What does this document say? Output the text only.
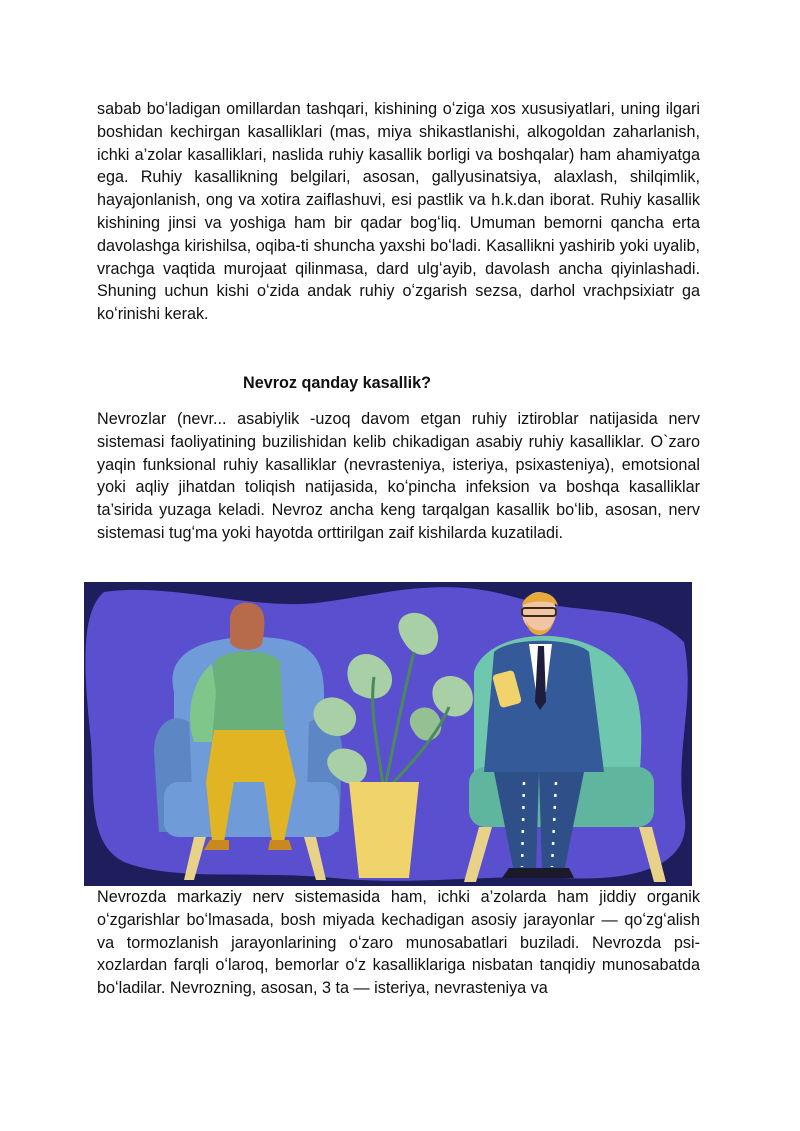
sabab boʻladigan omillardan tashqari, kishining oʻziga xos xususiyatlari, uning ilgari boshidan kechirgan kasalliklari (mas, miya shikastlanishi, alkogoldan zaharlanish, ichki a’zolar kasalliklari, naslida ruhiy kasallik borligi va boshqalar) ham ahamiyatga ega. Ruhiy kasallikning belgilari, asosan, gallyusinatsiya, alaxlash, shilqimlik, hayajonlanish, ong va xotira zaiflashuvi, esi pastlik va h.k.dan iborat. Ruhiy kasallik kishining jinsi va yoshiga ham bir qadar bogʻliq. Umuman bemorni qancha erta davolashga kirishilsa, oqiba-ti shuncha yaxshi boʻladi. Kasallikni yashirib yoki uyalib, vrachga vaqtida murojaat qilinmasa, dard ulgʻayib, davolash ancha qiyinlashadi. Shuning uchun kishi oʻzida andak ruhiy oʻzgarish sezsa, darhol vrachpsixiatr ga koʻrinishi kerak.

Nevroz qanday kasallik?

Nevrozlar (nevr... asabiylik -uzoq davom etgan ruhiy iztiroblar natijasida nerv sistemasi faoliyatining buzilishidan kelib chikadigan asabiy ruhiy kasalliklar. O`zaro yaqin funksional ruhiy kasalliklar (nevrasteniya, isteriya, psixasteniya), emotsional yoki aqliy jihatdan toliqish natijasida, koʻpincha infeksion va boshqa kasalliklar ta’sirida yuzaga keladi. Nevroz ancha keng tarqalgan kasallik boʻlib, asosan, nerv sistemasi tugʻma yoki hayotda orttirilgan zaif kishilarda kuzatiladi.

Nevrozda markaziy nerv sistemasida ham, ichki a’zolarda ham jiddiy organik oʻzgarishlar boʻlmasada, bosh miyada kechadigan asosiy jarayonlar — qoʻzgʻalish va tormozlanish jarayonlarining oʻzaro munosabatlari buziladi. Nevrozda psi-xozlardan farqli oʻlaroq, bemorlar oʻz kasalliklariga nisbatan tanqidiy munosabatda boʻladilar. Nevrozning, asosan, 3 ta — isteriya, nevrasteniya va
